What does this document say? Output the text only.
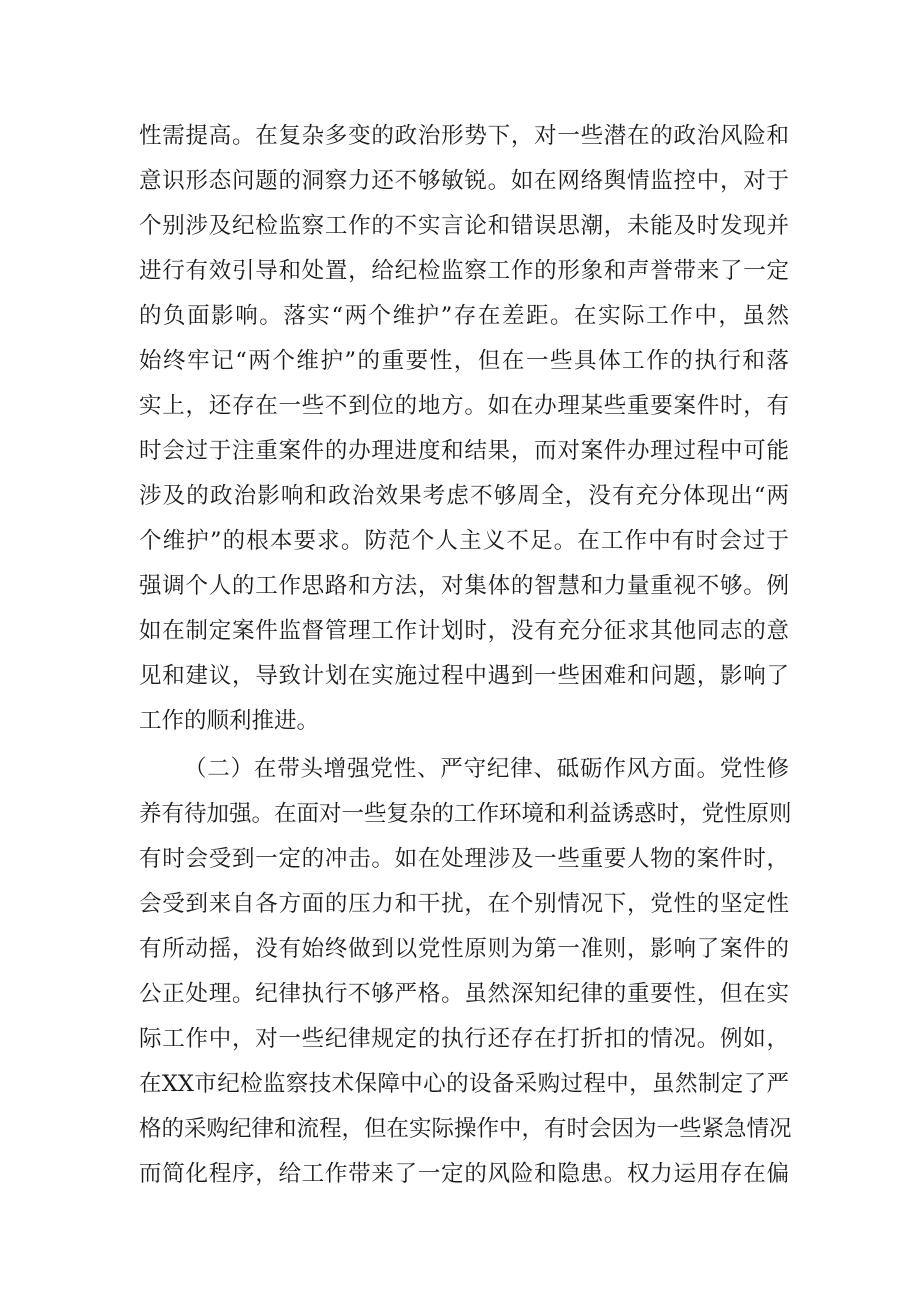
性需提高。在复杂多变的政治形势下，对一些潜在的政治风险和
意识形态问题的洞察力还不够敏锐。如在网络舆情监控中，对于
个别涉及纪检监察工作的不实言论和错误思潮，未能及时发现并
进行有效引导和处置，给纪检监察工作的形象和声誉带来了一定
的负面影响。落实“两个维护”存在差距。在实际工作中，虽然
始终牢记“两个维护”的重要性，但在一些具体工作的执行和落
实上，还存在一些不到位的地方。如在办理某些重要案件时，有
时会过于注重案件的办理进度和结果，而对案件办理过程中可能
涉及的政治影响和政治效果考虑不够周全，没有充分体现出“两
个维护”的根本要求。防范个人主义不足。在工作中有时会过于
强调个人的工作思路和方法，对集体的智慧和力量重视不够。例
如在制定案件监督管理工作计划时，没有充分征求其他同志的意
见和建议，导致计划在实施过程中遇到一些困难和问题，影响了
工作的顺利推进。
（二）在带头增强党性、严守纪律、砥砺作风方面。党性修
养有待加强。在面对一些复杂的工作环境和利益诱惑时，党性原则
有时会受到一定的冲击。如在处理涉及一些重要人物的案件时，
会受到来自各方面的压力和干扰，在个别情况下，党性的坚定性
有所动摇，没有始终做到以党性原则为第一准则，影响了案件的
公正处理。纪律执行不够严格。虽然深知纪律的重要性，但在实
际工作中，对一些纪律规定的执行还存在打折扣的情况。例如，
在XX市纪检监察技术保障中心的设备采购过程中，虽然制定了严
格的采购纪律和流程，但在实际操作中，有时会因为一些紧急情况
而简化程序，给工作带来了一定的风险和隐患。权力运用存在偏
